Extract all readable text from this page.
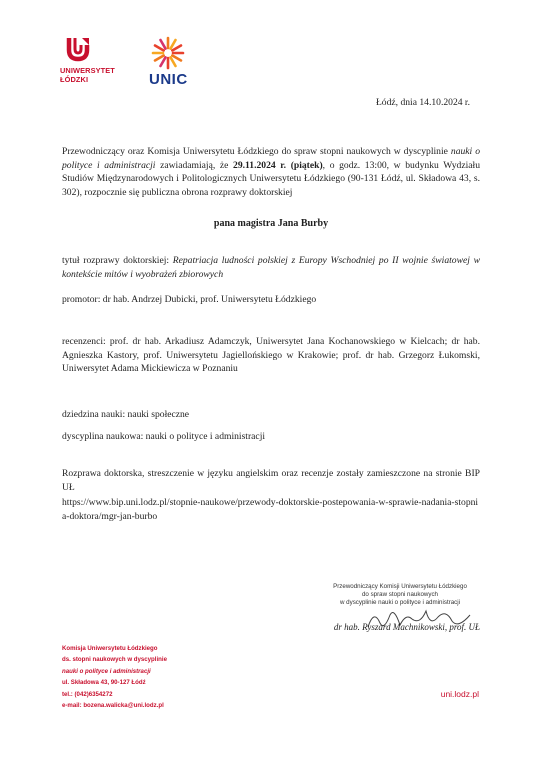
UNIWERSYTET
ŁÓDZKI	UNIC
Łódź, dnia 14.10.2024 r.
Przewodniczący oraz Komisja Uniwersytetu Łódzkiego do spraw stopni naukowych w dyscyplinie nauki o polityce i administracji zawiadamiają, że 29.11.2024 r. (piątek), o godz. 13:00, w budynku Wydziału Studiów Międzynarodowych i Politologicznych Uniwersytetu Łódzkiego (90-131 Łódź, ul. Składowa 43, s. 302), rozpocznie się publiczna obrona rozprawy doktorskiej
pana magistra Jana Burby
tytuł rozprawy doktorskiej: Repatriacja ludności polskiej z Europy Wschodniej po II wojnie światowej w kontekście mitów i wyobrażeń zbiorowych
promotor: dr hab. Andrzej Dubicki, prof. Uniwersytetu Łódzkiego
recenzenci: prof. dr hab. Arkadiusz Adamczyk, Uniwersytet Jana Kochanowskiego w Kielcach; dr hab. Agnieszka Kastory, prof. Uniwersytetu Jagiellońskiego w Krakowie; prof. dr hab. Grzegorz Łukomski, Uniwersytet Adama Mickiewicza w Poznaniu
dziedzina nauki: nauki społeczne
dyscyplina naukowa: nauki o polityce i administracji
Rozprawa doktorska, streszczenie w języku angielskim oraz recenzje zostały zamieszczone na stronie BIP UŁ
https://www.bip.uni.lodz.pl/stopnie-naukowe/przewody-doktorskie-postepowania-w-sprawie-nadania-stopnia-doktora/mgr-jan-burbo
Przewodniczący Komisji Uniwersytetu Łódzkiego
do spraw stopni naukowych
w dyscyplinie nauki o polityce i administracji
dr hab. Ryszard Machnikowski, prof. UŁ
Komisja Uniwersytetu Łódzkiego
ds. stopni naukowych w dyscyplinie
nauki o polityce i administracji
ul. Składowa 43, 90-127 Łódź
tel.: (042)6354272
e-mail: bozena.walicka@uni.lodz.pl
uni.lodz.pl
